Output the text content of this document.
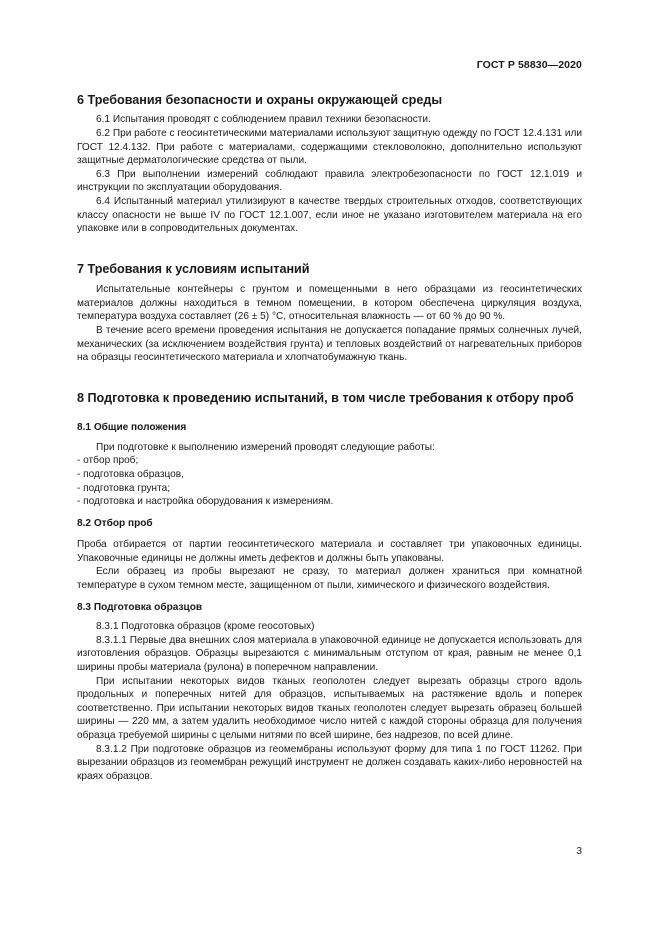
ГОСТ Р 58830—2020
6 Требования безопасности и охраны окружающей среды

6.1 Испытания проводят с соблюдением правил техники безопасности.

6.2 При работе с геосинтетическими материалами используют защитную одежду по ГОСТ 12.4.131 или ГОСТ 12.4.132. При работе с материалами, содержащими стекловолокно, дополнительно используют защитные дерматологические средства от пыли.

6.3 При выполнении измерений соблюдают правила электробезопасности по ГОСТ 12.1.019 и инструкции по эксплуатации оборудования.

6.4 Испытанный материал утилизируют в качестве твердых строительных отходов, соответствующих классу опасности не выше IV по ГОСТ 12.1.007, если иное не указано изготовителем материала на его упаковке или в сопроводительных документах.

7 Требования к условиям испытаний

Испытательные контейнеры с грунтом и помещенными в него образцами из геосинтетических материалов должны находиться в темном помещении, в котором обеспечена циркуляция воздуха, температура воздуха составляет (26 ± 5) °С, относительная влажность — от 60 % до 90 %.

В течение всего времени проведения испытания не допускается попадание прямых солнечных лучей, механических (за исключением воздействия грунта) и тепловых воздействий от нагревательных приборов на образцы геосинтетического материала и хлопчатобумажную ткань.

8 Подготовка к проведению испытаний, в том числе требования к отбору проб
8.1 Общие положения

При подготовке к выполнению измерений проводят следующие работы:

- отбор проб;
- подготовка образцов,
- подготовка грунта;
- подготовка и настройка оборудования к измерениям.
8.2 Отбор проб

Проба отбирается от партии геосинтетического материала и составляет три упаковочных единицы. Упаковочные единицы не должны иметь дефектов и должны быть упакованы.

Если образец из пробы вырезают не сразу, то материал должен храниться при комнатной температуре в сухом темном месте, защищенном от пыли, химического и физического воздействия.

8.3 Подготовка образцов

8.3.1 Подготовка образцов (кроме геосотовых)

8.3.1.1 Первые два внешних слоя материала в упаковочной единице не допускается использовать для изготовления образцов. Образцы вырезаются с минимальным отступом от края, равным не менее 0,1 ширины пробы материала (рулона) в поперечном направлении.

При испытании некоторых видов тканых геополотен следует вырезать образцы строго вдоль продольных и поперечных нитей для образцов, испытываемых на растяжение вдоль и поперек соответственно. При испытании некоторых видов тканых геополотен следует вырезать образец большей ширины — 220 мм, а затем удалить необходимое число нитей с каждой стороны образца для получения образца требуемой ширины с целыми нитями по всей ширине, без надрезов, по всей длине.

8.3.1.2 При подготовке образцов из геомембраны используют форму для типа 1 по ГОСТ 11262. При вырезании образцов из геомембран режущий инструмент не должен создавать каких-либо неровностей на краях образцов.

3
